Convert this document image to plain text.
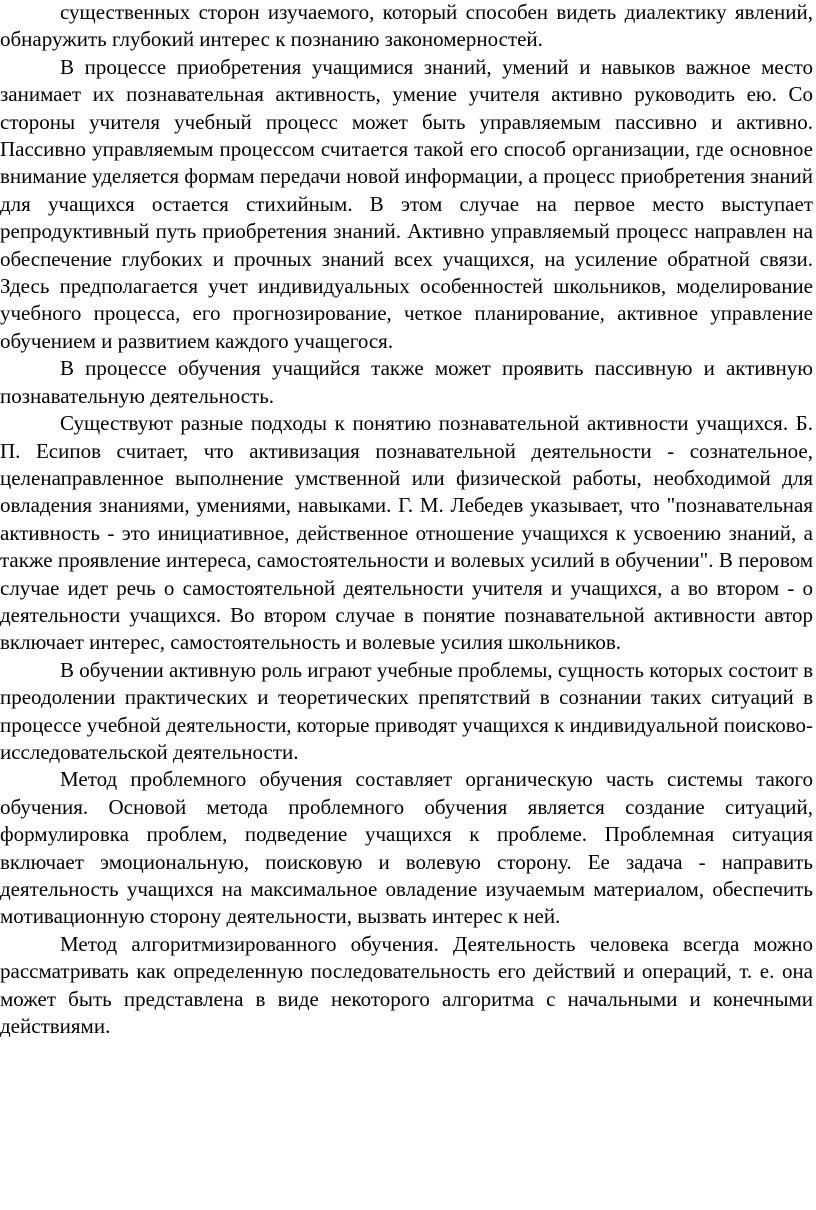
существенных сторон изучаемого, который способен видеть диалектику явлений, обнаружить глубокий интерес к познанию закономерностей.

В процессе приобретения учащимися знаний, умений и навыков важное место занимает их познавательная активность, умение учителя активно руководить ею. Со стороны учителя учебный процесс может быть управляемым пассивно и активно. Пассивно управляемым процессом считается такой его способ организации, где основное внимание уделяется формам передачи новой информации, а процесс приобретения знаний для учащихся остается стихийным. В этом случае на первое место выступает репродуктивный путь приобретения знаний. Активно управляемый процесс направлен на обеспечение глубоких и прочных знаний всех учащихся, на усиление обратной связи. Здесь предполагается учет индивидуальных особенностей школьников, моделирование учебного процесса, его прогнозирование, четкое планирование, активное управление обучением и развитием каждого учащегося.

В процессе обучения учащийся также может проявить пассивную и активную познавательную деятельность.

Существуют разные подходы к понятию познавательной активности учащихся. Б. П. Есипов считает, что активизация познавательной деятельности - сознательное, целенаправленное выполнение умственной или физической работы, необходимой для овладения знаниями, умениями, навыками. Г. М. Лебедев указывает, что "познавательная активность - это инициативное, действенное отношение учащихся к усвоению знаний, а также проявление интереса, самостоятельности и волевых усилий в обучении". В перовом случае идет речь о самостоятельной деятельности учителя и учащихся, а во втором - о деятельности учащихся. Во втором случае в понятие познавательной активности автор включает интерес, самостоятельность и волевые усилия школьников.

В обучении активную роль играют учебные проблемы, сущность которых состоит в преодолении практических и теоретических препятствий в сознании таких ситуаций в процессе учебной деятельности, которые приводят учащихся к индивидуальной поисково-исследовательской деятельности.

Метод проблемного обучения составляет органическую часть системы такого обучения. Основой метода проблемного обучения является создание ситуаций, формулировка проблем, подведение учащихся к проблеме. Проблемная ситуация включает эмоциональную, поисковую и волевую сторону. Ее задача - направить деятельность учащихся на максимальное овладение изучаемым материалом, обеспечить мотивационную сторону деятельности, вызвать интерес к ней.

Метод алгоритмизированного обучения. Деятельность человека всегда можно рассматривать как определенную последовательность его действий и операций, т. е. она может быть представлена в виде некоторого алгоритма с начальными и конечными действиями.
